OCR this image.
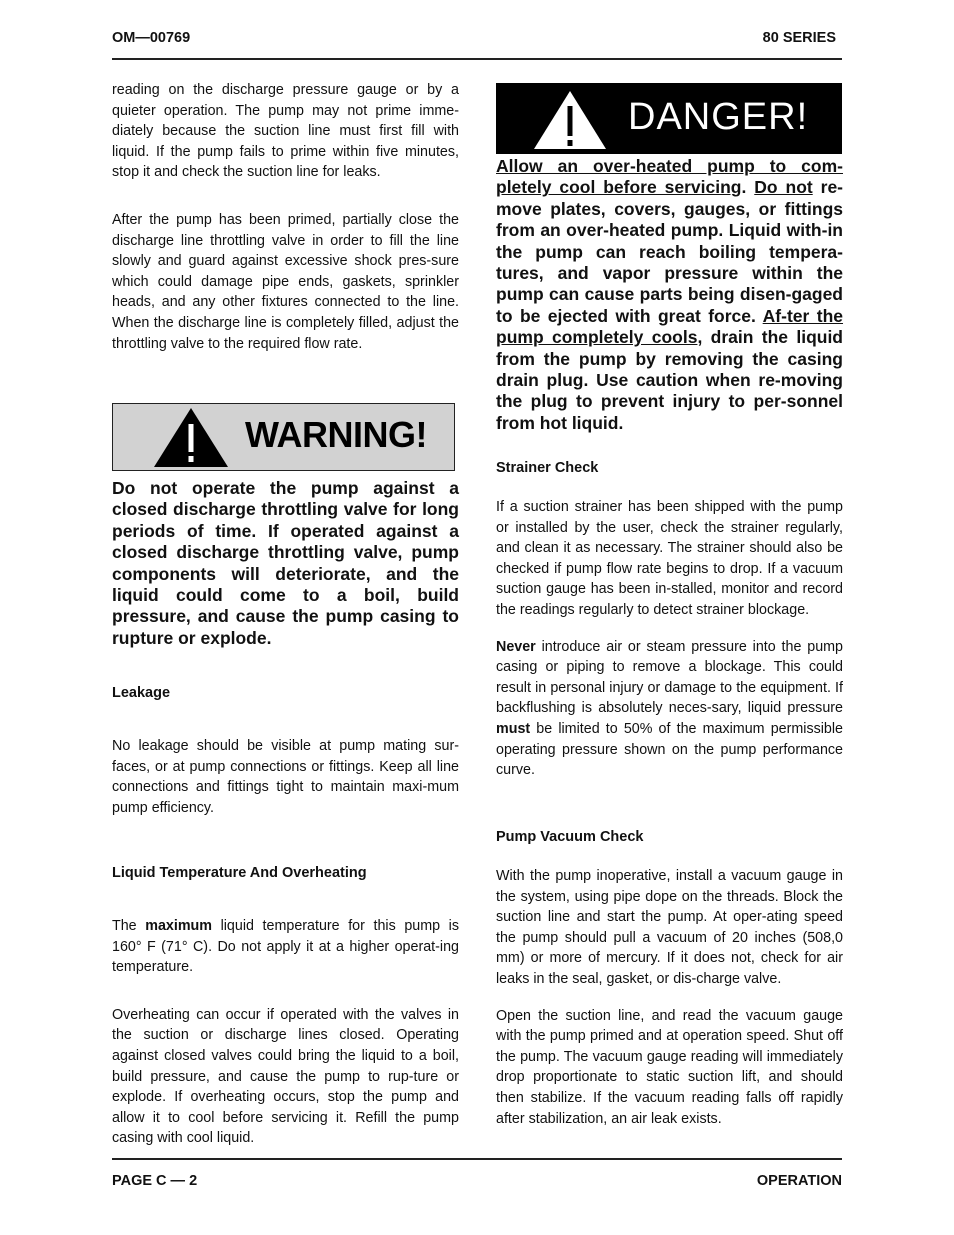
OM—00769	80 SERIES

reading on the discharge pressure gauge or by a quieter operation. The pump may not prime imme-diately because the suction line must first fill with liquid. If the pump fails to prime within five minutes, stop it and check the suction line for leaks.

After the pump has been primed, partially close the discharge line throttling valve in order to fill the line slowly and guard against excessive shock pres-sure which could damage pipe ends, gaskets, sprinkler heads, and any other fixtures connected to the line. When the discharge line is completely filled, adjust the throttling valve to the required flow rate.

WARNING!

Do not operate the pump against a closed discharge throttling valve for long periods of time. If operated against a closed discharge throttling valve, pump components will deteriorate, and the liquid could come to a boil, build pressure, and cause the pump casing to rupture or explode.

Leakage

No leakage should be visible at pump mating sur-faces, or at pump connections or fittings. Keep all line connections and fittings tight to maintain maxi-mum pump efficiency.

Liquid Temperature And Overheating

The maximum liquid temperature for this pump is 160° F (71° C). Do not apply it at a higher operat-ing temperature.

Overheating can occur if operated with the valves in the suction or discharge lines closed. Operating against closed valves could bring the liquid to a boil, build pressure, and cause the pump to rup-ture or explode. If overheating occurs, stop the pump and allow it to cool before servicing it. Refill the pump casing with cool liquid.

DANGER!

Allow an over-heated pump to com-pletely cool before servicing. Do not re-move plates, covers, gauges, or fittings from an over-heated pump. Liquid with-in the pump can reach boiling tempera-tures, and vapor pressure within the pump can cause parts being disen-gaged to be ejected with great force. Af-ter the pump completely cools, drain the liquid from the pump by removing the casing drain plug. Use caution when re-moving the plug to prevent injury to per-sonnel from hot liquid.

Strainer Check

If a suction strainer has been shipped with the pump or installed by the user, check the strainer regularly, and clean it as necessary. The strainer should also be checked if pump flow rate begins to drop. If a vacuum suction gauge has been in-stalled, monitor and record the readings regularly to detect strainer blockage.

Never introduce air or steam pressure into the pump casing or piping to remove a blockage. This could result in personal injury or damage to the equipment. If backflushing is absolutely neces-sary, liquid pressure must be limited to 50% of the maximum permissible operating pressure shown on the pump performance curve.

Pump Vacuum Check

With the pump inoperative, install a vacuum gauge in the system, using pipe dope on the threads. Block the suction line and start the pump. At oper-ating speed the pump should pull a vacuum of 20 inches (508,0 mm) or more of mercury. If it does not, check for air leaks in the seal, gasket, or dis-charge valve.

Open the suction line, and read the vacuum gauge with the pump primed and at operation speed. Shut off the pump. The vacuum gauge reading will immediately drop proportionate to static suction lift, and should then stabilize. If the vacuum reading falls off rapidly after stabilization, an air leak exists.

PAGE C — 2	OPERATION
